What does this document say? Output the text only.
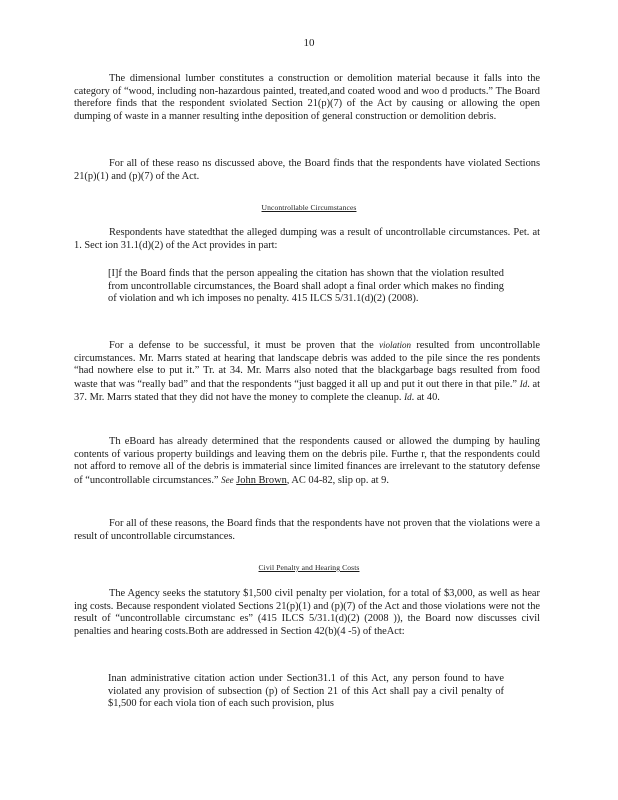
10
The dimensional lumber constitutes a construction or demolition material because it falls into the category of “wood, including non-hazardous painted, treated,and coated wood and woo d products.” The Board therefore finds that the respondent sviolated Section 21(p)(7) of the Act by causing or allowing the open dumping of waste in a manner resulting inthe deposition of general construction or demolition debris.
For all of these reaso ns discussed above, the Board finds that the respondents have violated Sections 21(p)(1) and (p)(7) of the Act.
Uncontrollable Circumstances
Respondents have statedthat the alleged dumping was a result of uncontrollable circumstances. Pet. at 1. Sect ion 31.1(d)(2) of the Act provides in part:
[I]f the Board finds that the person appealing the citation has shown that the violation resulted from uncontrollable circumstances, the Board shall adopt a final order which makes no finding of violation and wh ich imposes no penalty. 415 ILCS 5/31.1(d)(2) (2008).
For a defense to be successful, it must be proven that the violation resulted from uncontrollable circumstances. Mr. Marrs stated at hearing that landscape debris was added to the pile since the res pondents “had nowhere else to put it.” Tr. at 34. Mr. Marrs also noted that the blackgarbage bags resulted from food waste that was “really bad” and that the respondents “just bagged it all up and put it out there in that pile.” Id. at 37. Mr. Marrs stated that they did not have the money to complete the cleanup. Id. at 40.
Th eBoard has already determined that the respondents caused or allowed the dumping by hauling contents of various property buildings and leaving them on the debris pile. Furthe r, that the respondents could not afford to remove all of the debris is immaterial since limited finances are irrelevant to the statutory defense of “uncontrollable circumstances.” See John Brown, AC 04-82, slip op. at 9.
For all of these reasons, the Board finds that the respondents have not proven that the violations were a result of uncontrollable circumstances.
Civil Penalty and Hearing Costs
The Agency seeks the statutory $1,500 civil penalty per violation, for a total of $3,000, as well as hear ing costs. Because respondent violated Sections 21(p)(1) and (p)(7) of the Act and those violations were not the result of “uncontrollable circumstanc es” (415 ILCS 5/31.1(d)(2) (2008 )), the Board now discusses civil penalties and hearing costs.Both are addressed in Section 42(b)(4 -5) of theAct:
Inan administrative citation action under Section31.1 of this Act, any person found to have violated any provision of subsection (p) of Section 21 of this Act shall pay a civil penalty of $1,500 for each viola tion of each such provision, plus
